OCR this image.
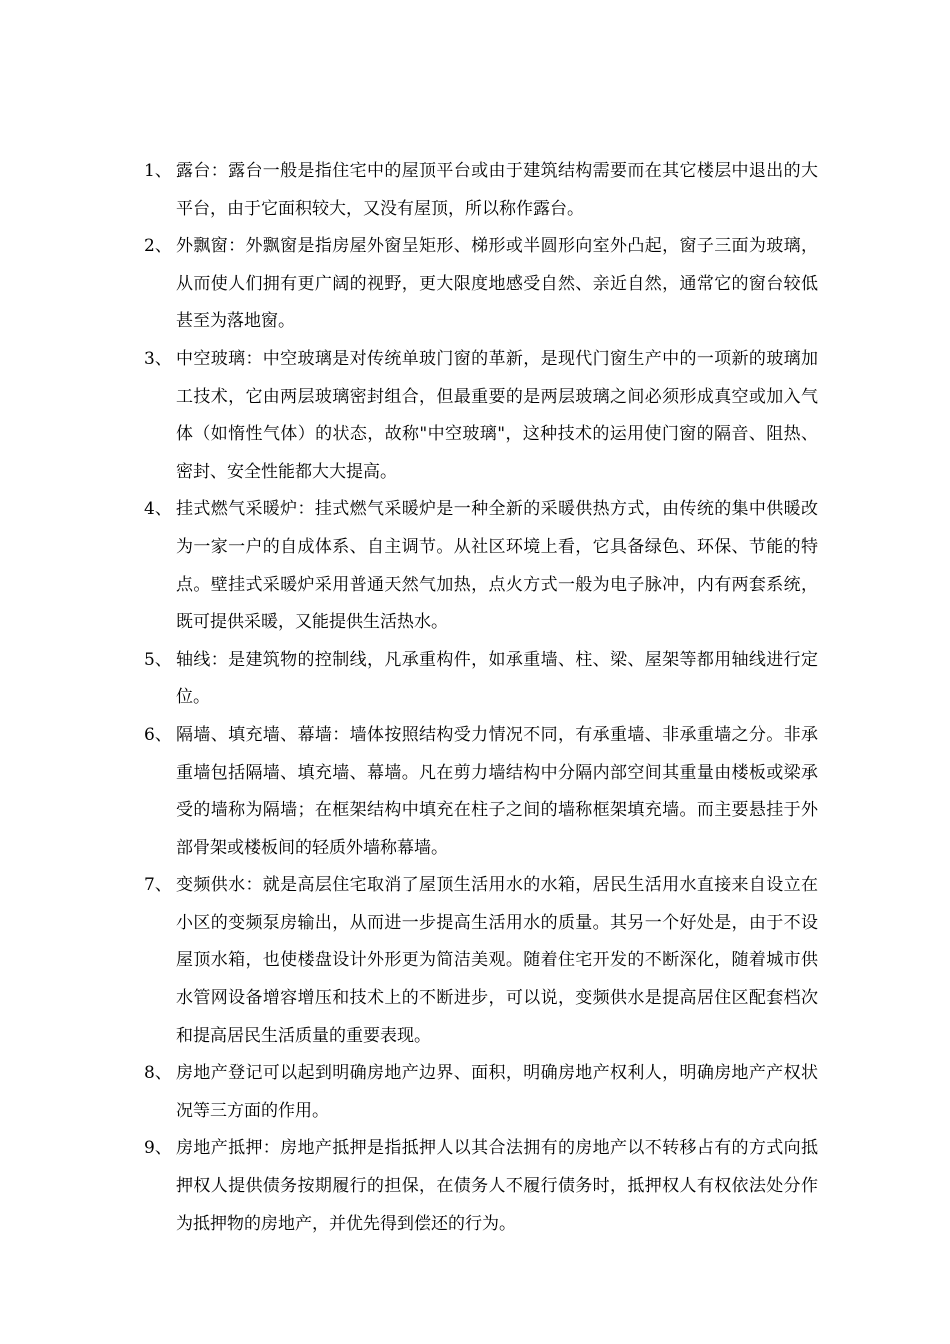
1、 露台：露台一般是指住宅中的屋顶平台或由于建筑结构需要而在其它楼层中退出的大平台，由于它面积较大，又没有屋顶，所以称作露台。
2、 外飘窗：外飘窗是指房屋外窗呈矩形、梯形或半圆形向室外凸起，窗子三面为玻璃，从而使人们拥有更广阔的视野，更大限度地感受自然、亲近自然，通常它的窗台较低甚至为落地窗。
3、 中空玻璃：中空玻璃是对传统单玻门窗的革新，是现代门窗生产中的一项新的玻璃加工技术，它由两层玻璃密封组合，但最重要的是两层玻璃之间必须形成真空或加入气体（如惰性气体）的状态，故称"中空玻璃"，这种技术的运用使门窗的隔音、阻热、密封、安全性能都大大提高。
4、 挂式燃气采暖炉：挂式燃气采暖炉是一种全新的采暖供热方式，由传统的集中供暖改为一家一户的自成体系、自主调节。从社区环境上看，它具备绿色、环保、节能的特点。壁挂式采暖炉采用普通天然气加热，点火方式一般为电子脉冲，内有两套系统，既可提供采暖，又能提供生活热水。
5、 轴线：是建筑物的控制线，凡承重构件，如承重墙、柱、梁、屋架等都用轴线进行定位。
6、 隔墙、填充墙、幕墙：墙体按照结构受力情况不同，有承重墙、非承重墙之分。非承重墙包括隔墙、填充墙、幕墙。凡在剪力墙结构中分隔内部空间其重量由楼板或梁承受的墙称为隔墙；在框架结构中填充在柱子之间的墙称框架填充墙。而主要悬挂于外部骨架或楼板间的轻质外墙称幕墙。
7、 变频供水：就是高层住宅取消了屋顶生活用水的水箱，居民生活用水直接来自设立在小区的变频泵房输出，从而进一步提高生活用水的质量。其另一个好处是，由于不设屋顶水箱，也使楼盘设计外形更为简洁美观。随着住宅开发的不断深化，随着城市供水管网设备增容增压和技术上的不断进步，可以说，变频供水是提高居住区配套档次和提高居民生活质量的重要表现。
8、 房地产登记可以起到明确房地产边界、面积，明确房地产权利人，明确房地产产权状况等三方面的作用。
9、 房地产抵押：房地产抵押是指抵押人以其合法拥有的房地产以不转移占有的方式向抵押权人提供债务按期履行的担保，在债务人不履行债务时，抵押权人有权依法处分作为抵押物的房地产，并优先得到偿还的行为。
